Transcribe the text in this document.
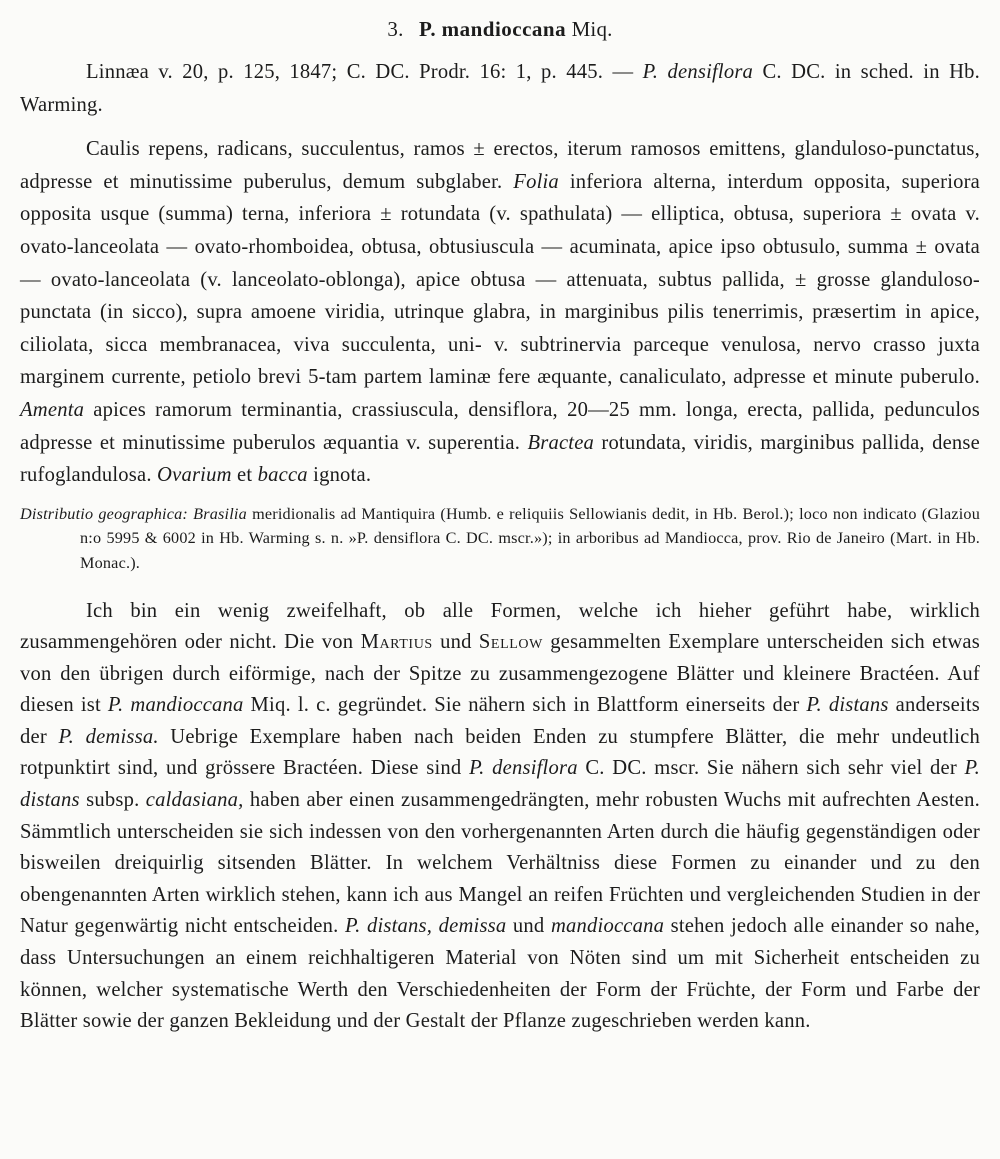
3. P. mandioccana Miq.

Linnæa v. 20, p. 125, 1847; C. DC. Prodr. 16: 1, p. 445. — P. densiflora C. DC. in sched. in Hb. Warming.

Caulis repens, radicans, succulentus, ramos ± erectos, iterum ramosos emittens, glanduloso-punctatus, adpresse et minutissime puberulus, demum subglaber. Folia inferiora alterna, interdum opposita, superiora opposita usque (summa) terna, inferiora ± rotundata (v. spathulata) — elliptica, obtusa, superiora ± ovata v. ovato-lanceolata — ovato-rhomboidea, obtusa, obtusiuscula — acuminata, apice ipso obtusulo, summa ± ovata — ovato-lanceolata (v. lanceolato-oblonga), apice obtusa — attenuata, subtus pallida, ± grosse glanduloso-punctata (in sicco), supra amoene viridia, utrinque glabra, in marginibus pilis tenerrimis, præsertim in apice, ciliolata, sicca membranacea, viva succulenta, uni- v. subtrinervia parceque venulosa, nervo crasso juxta marginem currente, petiolo brevi 5-tam partem laminæ fere æquante, canaliculato, adpresse et minute puberulo. Amenta apices ramorum terminantia, crassiuscula, densiflora, 20—25 mm. longa, erecta, pallida, pedunculos adpresse et minutissime puberulos æquantia v. superentia. Bractea rotundata, viridis, marginibus pallida, dense rufoglandulosa. Ovarium et bacca ignota.

Distributio geographica: Brasilia meridionalis ad Mantiquira (Humb. e reliquiis Sellowianis dedit, in Hb. Berol.); loco non indicato (Glaziou n:o 5995 & 6002 in Hb. Warming s. n. »P. densiflora C. DC. mscr.»); in arboribus ad Mandiocca, prov. Rio de Janeiro (Mart. in Hb. Monac.).

Ich bin ein wenig zweifelhaft, ob alle Formen, welche ich hieher geführt habe, wirklich zusammengehören oder nicht. Die von Martius und Sellow gesammelten Exemplare unterscheiden sich etwas von den übrigen durch eiförmige, nach der Spitze zu zusammengezogene Blätter und kleinere Bractéen. Auf diesen ist P. mandioccana Miq. l. c. gegründet. Sie nähern sich in Blattform einerseits der P. distans anderseits der P. demissa. Uebrige Exemplare haben nach beiden Enden zu stumpfere Blätter, die mehr undeutlich rotpunktirt sind, und grössere Bractéen. Diese sind P. densiflora C. DC. mscr. Sie nähern sich sehr viel der P. distans subsp. caldasiana, haben aber einen zusammengedrängten, mehr robusten Wuchs mit aufrechten Aesten. Sämmtlich unterscheiden sie sich indessen von den vorhergenannten Arten durch die häufig gegenständigen oder bisweilen dreiquirlig sitsenden Blätter. In welchem Verhältniss diese Formen zu einander und zu den obengenannten Arten wirklich stehen, kann ich aus Mangel an reifen Früchten und vergleichenden Studien in der Natur gegenwärtig nicht entscheiden. P. distans, demissa und mandioccana stehen jedoch alle einander so nahe, dass Untersuchungen an einem reichhaltigeren Material von Nöten sind um mit Sicherheit entscheiden zu können, welcher systematische Werth den Verschiedenheiten der Form der Früchte, der Form und Farbe der Blätter sowie der ganzen Bekleidung und der Gestalt der Pflanze zugeschrieben werden kann.
